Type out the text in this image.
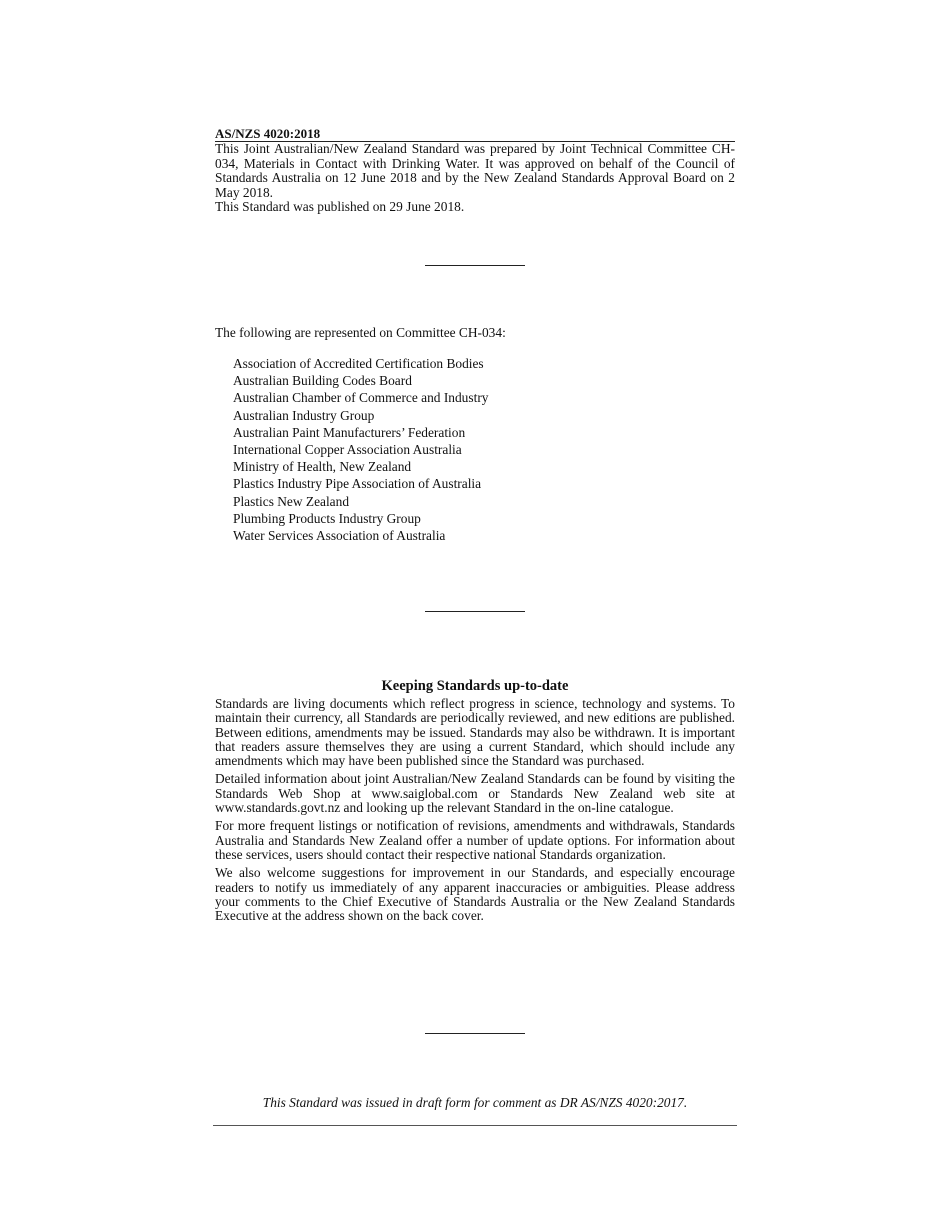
AS/NZS 4020:2018

This Joint Australian/New Zealand Standard was prepared by Joint Technical Committee CH-034, Materials in Contact with Drinking Water. It was approved on behalf of the Council of Standards Australia on 12 June 2018 and by the New Zealand Standards Approval Board on 2 May 2018.

This Standard was published on 29 June 2018.

The following are represented on Committee CH-034:
Association of Accredited Certification Bodies
Australian Building Codes Board
Australian Chamber of Commerce and Industry
Australian Industry Group
Australian Paint Manufacturers’ Federation
International Copper Association Australia
Ministry of Health, New Zealand
Plastics Industry Pipe Association of Australia
Plastics New Zealand
Plumbing Products Industry Group
Water Services Association of Australia
Keeping Standards up-to-date

Standards are living documents which reflect progress in science, technology and systems. To maintain their currency, all Standards are periodically reviewed, and new editions are published. Between editions, amendments may be issued. Standards may also be withdrawn. It is important that readers assure themselves they are using a current Standard, which should include any amendments which may have been published since the Standard was purchased.

Detailed information about joint Australian/New Zealand Standards can be found by visiting the Standards Web Shop at www.saiglobal.com or Standards New Zealand web site at www.standards.govt.nz and looking up the relevant Standard in the on-line catalogue.

For more frequent listings or notification of revisions, amendments and withdrawals, Standards Australia and Standards New Zealand offer a number of update options. For information about these services, users should contact their respective national Standards organization.

We also welcome suggestions for improvement in our Standards, and especially encourage readers to notify us immediately of any apparent inaccuracies or ambiguities. Please address your comments to the Chief Executive of Standards Australia or the New Zealand Standards Executive at the address shown on the back cover.

This Standard was issued in draft form for comment as DR AS/NZS 4020:2017.
